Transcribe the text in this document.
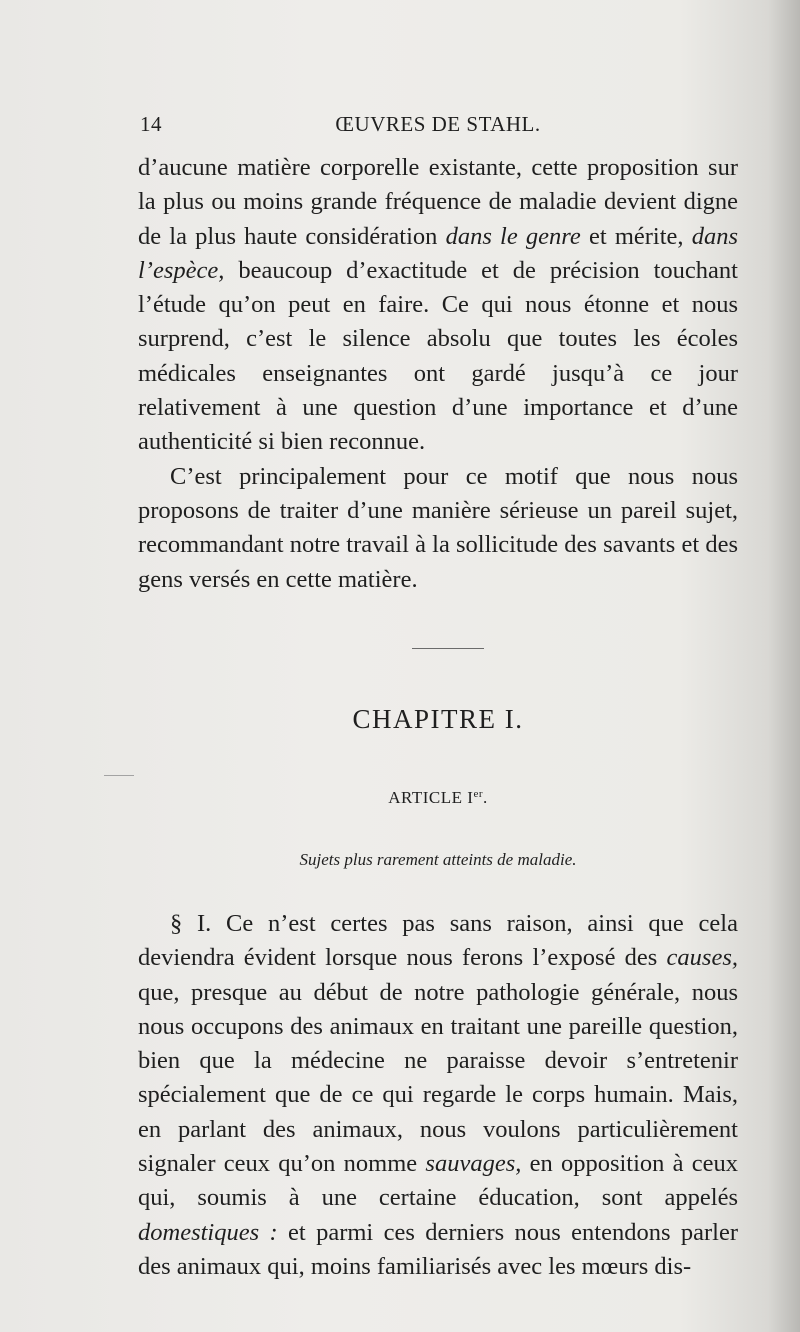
14	ŒUVRES DE STAHL.

d’aucune matière corporelle existante, cette proposition sur la plus ou moins grande fréquence de maladie devient digne de la plus haute considération dans le genre et mérite, dans l’espèce, beaucoup d’exactitude et de précision touchant l’étude qu’on peut en faire. Ce qui nous étonne et nous surprend, c’est le silence absolu que toutes les écoles médicales enseignantes ont gardé jusqu’à ce jour relativement à une question d’une importance et d’une authenticité si bien reconnue.

C’est principalement pour ce motif que nous nous proposons de traiter d’une manière sérieuse un pareil sujet, recommandant notre travail à la sollicitude des savants et des gens versés en cette matière.

CHAPITRE I.
ARTICLE Ier.
Sujets plus rarement atteints de maladie.

§ I. Ce n’est certes pas sans raison, ainsi que cela deviendra évident lorsque nous ferons l’exposé des causes, que, presque au début de notre pathologie générale, nous nous occupons des animaux en traitant une pareille question, bien que la médecine ne paraisse devoir s’entretenir spécialement que de ce qui regarde le corps humain. Mais, en parlant des animaux, nous voulons particulièrement signaler ceux qu’on nomme sauvages, en opposition à ceux qui, soumis à une certaine éducation, sont appelés domestiques : et parmi ces derniers nous entendons parler des animaux qui, moins familiarisés avec les mœurs dis-
